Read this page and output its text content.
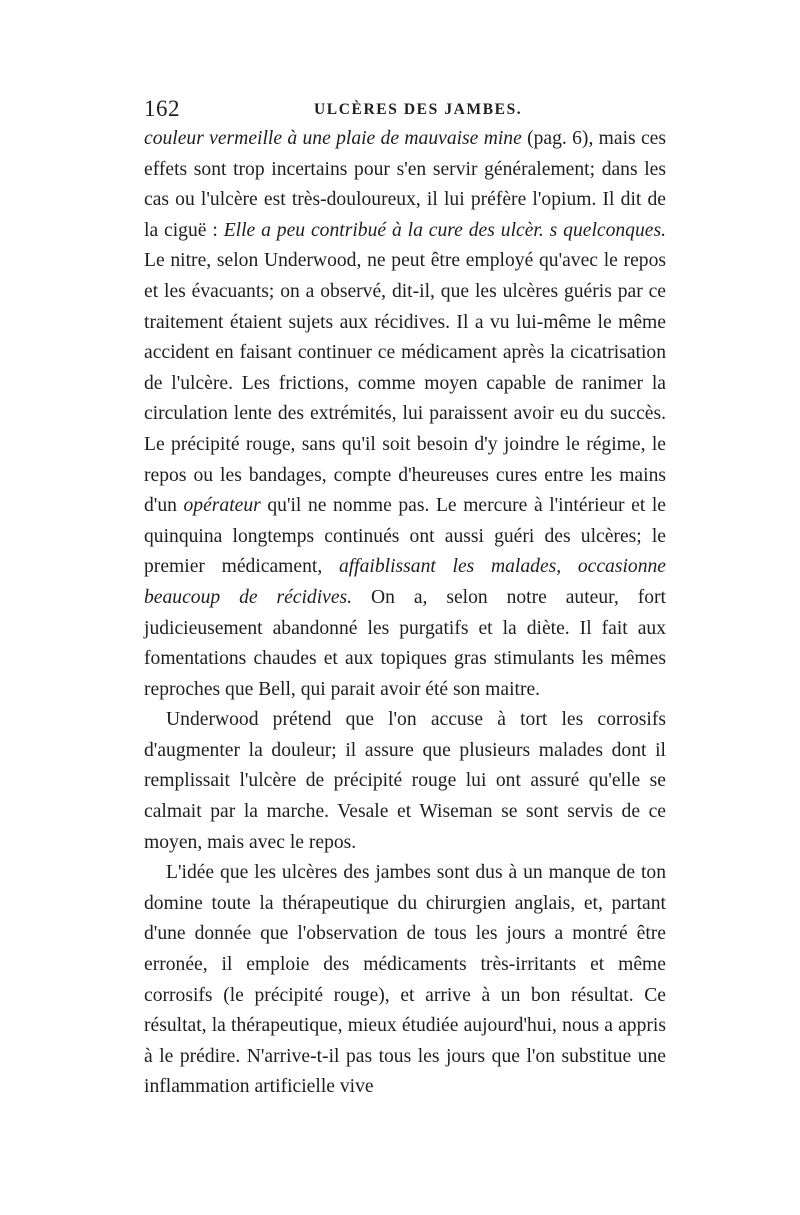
162	ULCÈRES DES JAMBES.

couleur vermeille à une plaie de mauvaise mine (pag. 6), mais ces effets sont trop incertains pour s'en servir généralement; dans les cas ou l'ulcère est très-douloureux, il lui préfère l'opium. Il dit de la ciguë : Elle a peu contribué à la cure des ulcèr. s quelconques. Le nitre, selon Underwood, ne peut être employé qu'avec le repos et les évacuants; on a observé, dit-il, que les ulcères guéris par ce traitement étaient sujets aux récidives. Il a vu lui-même le même accident en faisant continuer ce médicament après la cicatrisation de l'ulcère. Les frictions, comme moyen capable de ranimer la circulation lente des extrémités, lui paraissent avoir eu du succès. Le précipité rouge, sans qu'il soit besoin d'y joindre le régime, le repos ou les bandages, compte d'heureuses cures entre les mains d'un opérateur qu'il ne nomme pas. Le mercure à l'intérieur et le quinquina longtemps continués ont aussi guéri des ulcères; le premier médicament, affaiblissant les malades, occasionne beaucoup de récidives. On a, selon notre auteur, fort judicieusement abandonné les purgatifs et la diète. Il fait aux fomentations chaudes et aux topiques gras stimulants les mêmes reproches que Bell, qui parait avoir été son maitre.

Underwood prétend que l'on accuse à tort les corrosifs d'augmenter la douleur; il assure que plusieurs malades dont il remplissait l'ulcère de précipité rouge lui ont assuré qu'elle se calmait par la marche. Vesale et Wiseman se sont servis de ce moyen, mais avec le repos.

L'idée que les ulcères des jambes sont dus à un manque de ton domine toute la thérapeutique du chirurgien anglais, et, partant d'une donnée que l'observation de tous les jours a montré être erronée, il emploie des médicaments très-irritants et même corrosifs (le précipité rouge), et arrive à un bon résultat. Ce résultat, la thérapeutique, mieux étudiée aujourd'hui, nous a appris à le prédire. N'arrive-t-il pas tous les jours que l'on substitue une inflammation artificielle vive
